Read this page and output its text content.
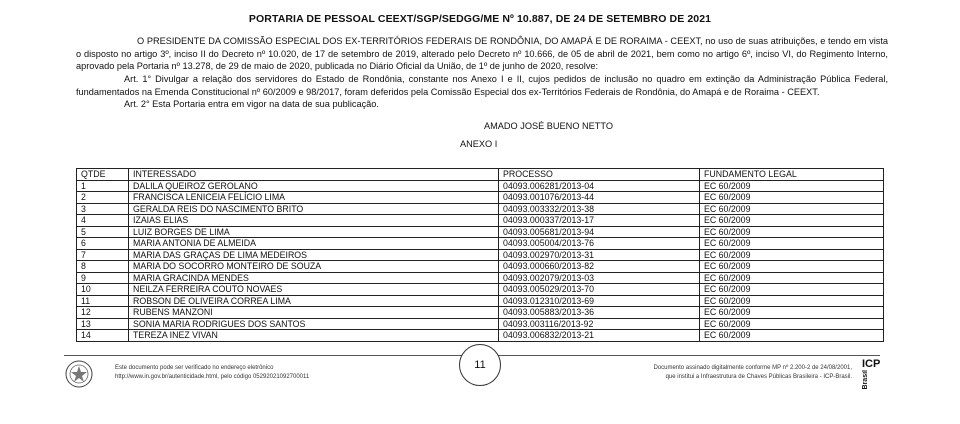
PORTARIA DE PESSOAL CEEXT/SGP/SEDGG/ME Nº 10.887, DE 24 DE SETEMBRO DE 2021
O PRESIDENTE DA COMISSÃO ESPECIAL DOS EX-TERRITÓRIOS FEDERAIS DE RONDÔNIA, DO AMAPÁ E DE RORAIMA - CEEXT, no uso de suas atribuições, e tendo em vista o disposto no artigo 3º, inciso II do Decreto nº 10.020, de 17 de setembro de 2019, alterado pelo Decreto nº 10.666, de 05 de abril de 2021, bem como no artigo 6º, inciso VI, do Regimento Interno, aprovado pela Portaria nº 13.278, de 29 de maio de 2020, publicada no Diário Oficial da União, de 1º de junho de 2020, resolve:
Art. 1° Divulgar a relação dos servidores do Estado de Rondônia, constante nos Anexo I e II, cujos pedidos de inclusão no quadro em extinção da Administração Pública Federal, fundamentados na Emenda Constitucional nº 60/2009 e 98/2017, foram deferidos pela Comissão Especial dos ex-Territórios Federais de Rondônia, do Amapá e de Roraima - CEEXT.
Art. 2° Esta Portaria entra em vigor na data de sua publicação.
AMADO JOSÉ BUENO NETTO
ANEXO I
QTDE	INTERESSADO	PROCESSO	FUNDAMENTO LEGAL
1	DALILA QUEIROZ GEROLANO	04093.006281/2013-04	EC 60/2009
2	FRANCISCA LENICEIA FELÍCIO LIMA	04093.001076/2013-44	EC 60/2009
3	GERALDA REIS DO NASCIMENTO BRITO	04093.003332/2013-38	EC 60/2009
4	IZAIAS ELIAS	04093.000337/2013-17	EC 60/2009
5	LUIZ BORGES DE LIMA	04093.005681/2013-94	EC 60/2009
6	MARIA ANTONIA DE ALMEIDA	04093.005004/2013-76	EC 60/2009
7	MARIA DAS GRAÇAS DE LIMA MEDEIROS	04093.002970/2013-31	EC 60/2009
8	MARIA DO SOCORRO MONTEIRO DE SOUZA	04093.000660/2013-82	EC 60/2009
9	MARIA GRACINDA MENDES	04093.002079/2013-03	EC 60/2009
10	NEILZA FERREIRA COUTO NOVAES	04093.005029/2013-70	EC 60/2009
11	ROBSON DE OLIVEIRA CORREA LIMA	04093.012310/2013-69	EC 60/2009
12	RUBENS MANZONI	04093.005883/2013-36	EC 60/2009
13	SONIA MARIA RODRIGUES DOS SANTOS	04093.003116/2013-92	EC 60/2009
14	TEREZA INEZ VIVAN	04093.006832/2013-21	EC 60/2009
11
Este documento pode ser verificado no endereço eletrônico
http://www.in.gov.br/autenticidade.html, pelo código 05292021092700011
Documento assinado digitalmente conforme MP nº 2.200-2 de 24/08/2001,
que institui a Infraestrutura de Chaves Públicas Brasileira - ICP-Brasil.
ICP
Brasil
